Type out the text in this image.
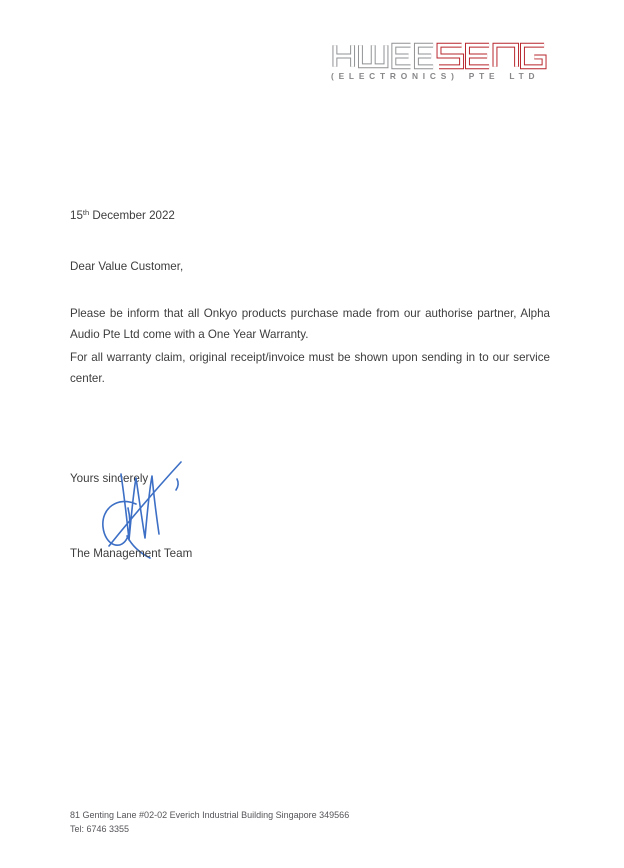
(ELECTRONICS) PTE LTD
15th December 2022
Dear Value Customer,
Please be inform that all Onkyo products purchase made from our authorise partner, Alpha
Audio Pte Ltd come with a One Year Warranty.
For all warranty claim, original receipt/invoice must be shown upon sending in to our service
center.
Yours sincerely
The Management Team
81 Genting Lane #02-02 Everich Industrial Building Singapore 349566
Tel: 6746 3355
